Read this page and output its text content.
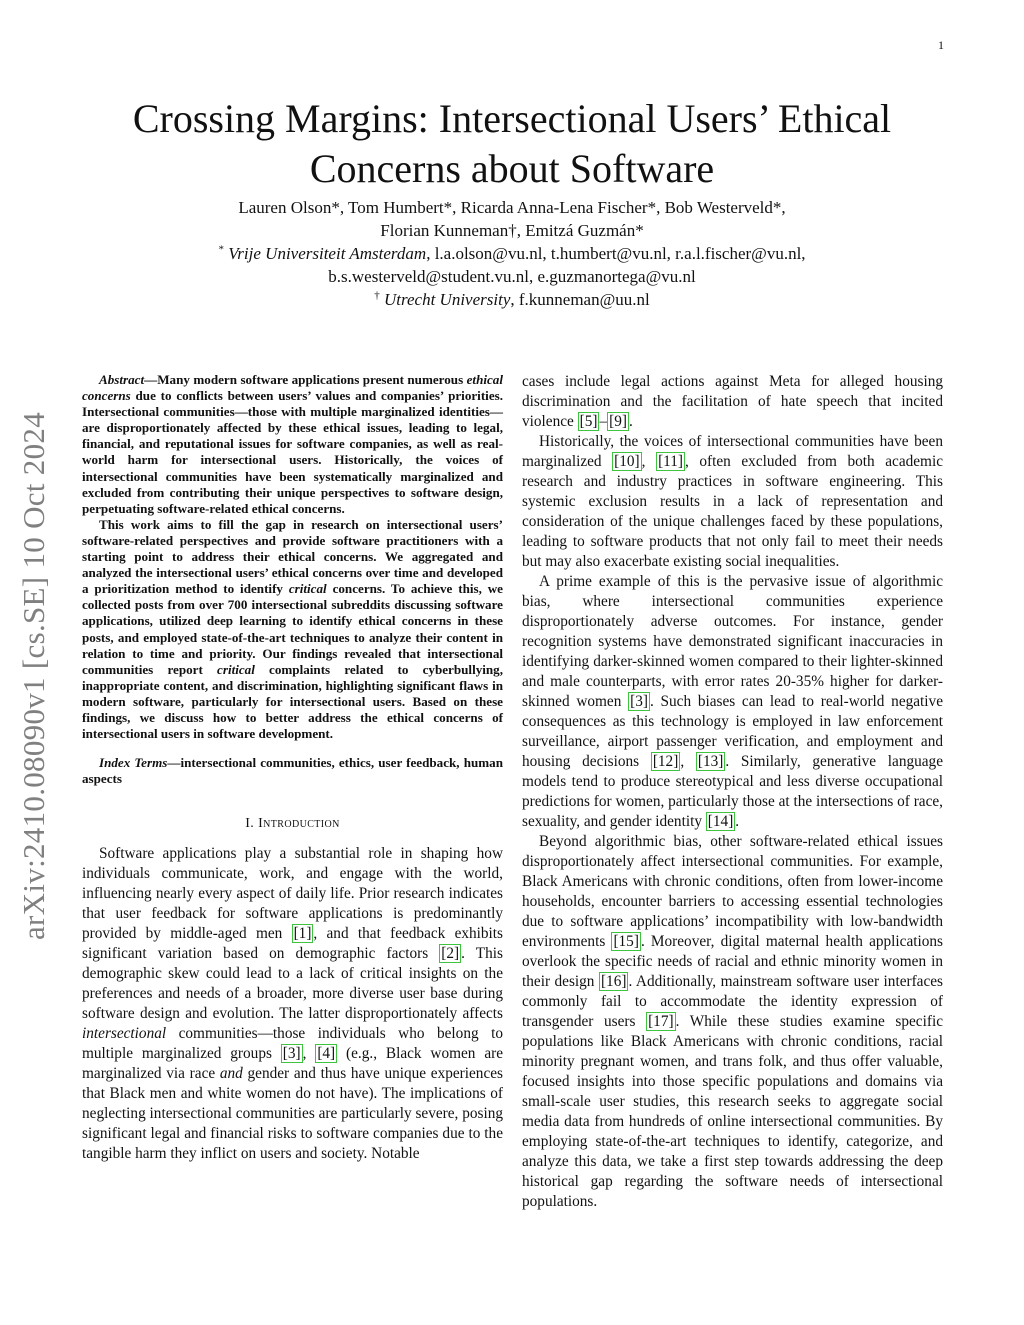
1
arXiv:2410.08090v1 [cs.SE] 10 Oct 2024
Crossing Margins: Intersectional Users’ Ethical
Concerns about Software
Lauren Olson*, Tom Humbert*, Ricarda Anna-Lena Fischer*, Bob Westerveld*,
Florian Kunneman†, Emitzá Guzmán*
* Vrije Universiteit Amsterdam, l.a.olson@vu.nl, t.humbert@vu.nl, r.a.l.fischer@vu.nl,
b.s.westerveld@student.vu.nl, e.guzmanortega@vu.nl
† Utrecht University, f.kunneman@uu.nl

Abstract—Many modern software applications present numerous ethical concerns due to conflicts between users’ values and companies’ priorities. Intersectional communities—those with multiple marginalized identities—are disproportionately affected by these ethical issues, leading to legal, financial, and reputational issues for software companies, as well as real-world harm for intersectional users. Historically, the voices of intersectional communities have been systematically marginalized and excluded from contributing their unique perspectives to software design, perpetuating software-related ethical concerns.

This work aims to fill the gap in research on intersectional users’ software-related perspectives and provide software practitioners with a starting point to address their ethical concerns. We aggregated and analyzed the intersectional users’ ethical concerns over time and developed a prioritization method to identify critical concerns. To achieve this, we collected posts from over 700 intersectional subreddits discussing software applications, utilized deep learning to identify ethical concerns in these posts, and employed state-of-the-art techniques to analyze their content in relation to time and priority. Our findings revealed that intersectional communities report critical complaints related to cyberbullying, inappropriate content, and discrimination, highlighting significant flaws in modern software, particularly for intersectional users. Based on these findings, we discuss how to better address the ethical concerns of intersectional users in software development.

Index Terms—intersectional communities, ethics, user feedback, human aspects

I. Introduction

Software applications play a substantial role in shaping how individuals communicate, work, and engage with the world, influencing nearly every aspect of daily life. Prior research indicates that user feedback for software applications is predominantly provided by middle-aged men [1] , and that feedback exhibits significant variation based on demographic factors [2] . This demographic skew could lead to a lack of critical insights on the preferences and needs of a broader, more diverse user base during software design and evolution. The latter disproportionately affects intersectional communities—those individuals who belong to multiple marginalized groups [3] , [4] (e.g., Black women are marginalized via race and gender and thus have unique experiences that Black men and white women do not have). The implications of neglecting intersectional communities are particularly severe, posing significant legal and financial risks to software companies due to the tangible harm they inflict on users and society. Notable

cases include legal actions against Meta for alleged housing discrimination and the facilitation of hate speech that incited violence [5] – [9] .

Historically, the voices of intersectional communities have been marginalized [10] , [11] , often excluded from both academic research and industry practices in software engineering. This systemic exclusion results in a lack of representation and consideration of the unique challenges faced by these populations, leading to software products that not only fail to meet their needs but may also exacerbate existing social inequalities.

A prime example of this is the pervasive issue of algorithmic bias, where intersectional communities experience disproportionately adverse outcomes. For instance, gender recognition systems have demonstrated significant inaccuracies in identifying darker-skinned women compared to their lighter-skinned and male counterparts, with error rates 20-35% higher for darker-skinned women [3] . Such biases can lead to real-world negative consequences as this technology is employed in law enforcement surveillance, airport passenger verification, and employment and housing decisions [12] , [13] . Similarly, generative language models tend to produce stereotypical and less diverse occupational predictions for women, particularly those at the intersections of race, sexuality, and gender identity [14] .

Beyond algorithmic bias, other software-related ethical issues disproportionately affect intersectional communities. For example, Black Americans with chronic conditions, often from lower-income households, encounter barriers to accessing essential technologies due to software applications’ incompatibility with low-bandwidth environments [15] . Moreover, digital maternal health applications overlook the specific needs of racial and ethnic minority women in their design [16] . Additionally, mainstream software user interfaces commonly fail to accommodate the identity expression of transgender users [17] . While these studies examine specific populations like Black Americans with chronic conditions, racial minority pregnant women, and trans folk, and thus offer valuable, focused insights into those specific populations and domains via small-scale user studies, this research seeks to aggregate social media data from hundreds of online intersectional communities. By employing state-of-the-art techniques to identify, categorize, and analyze this data, we take a first step towards addressing the deep historical gap regarding the software needs of intersectional populations.
